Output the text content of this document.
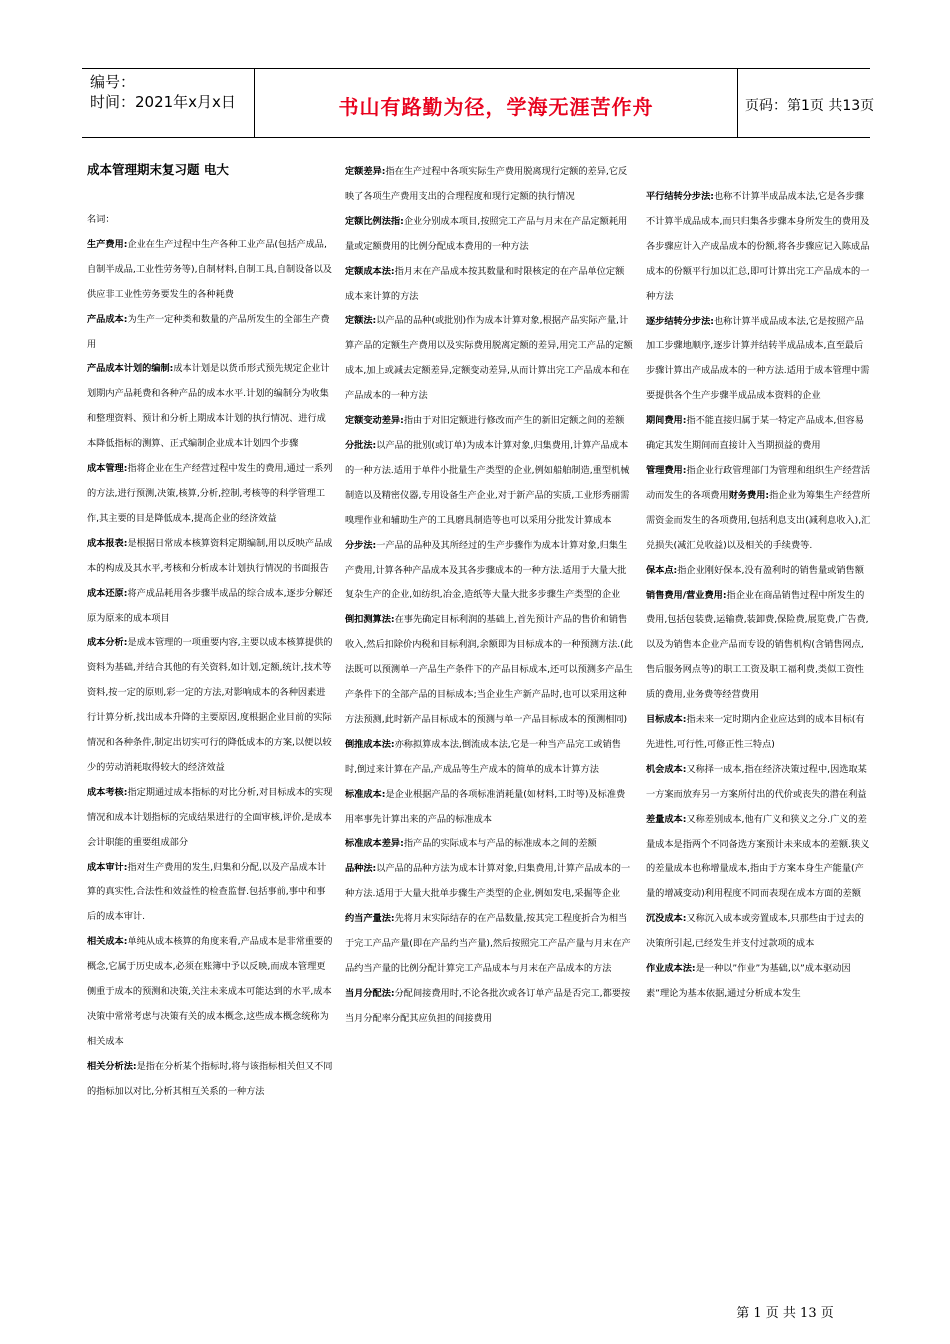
编号：
时间：2021年x月x日	书山有路勤为径，学海无涯苦作舟	页码：第1页 共13页
成本管理期末复习题 电大

名词：

生产费用:企业在生产过程中生产各种工业产品(包括产成品,自制半成品,工业性劳务等),自制材料,自制工具,自制设备以及供应非工业性劳务要发生的各种耗费

产品成本:为生产一定种类和数量的产品所发生的全部生产费用

产品成本计划的编制:成本计划是以货币形式预先规定企业计划期内产品耗费和各种产品的成本水平.计划的编制分为收集和整理资料、预计和分析上期成本计划的执行情况、进行成本降低指标的测算、正式编制企业成本计划四个步骤

成本管理:指将企业在生产经营过程中发生的费用,通过一系列的方法,进行预测,决策,核算,分析,控制,考核等的科学管理工作,其主要的目是降低成本,提高企业的经济效益

成本报表:是根据日常成本核算资料定期编制,用以反映产品成本的构成及其水平,考核和分析成本计划执行情况的书面报告

成本还原:将产成品耗用各步骤半成品的综合成本,逐步分解还原为原来的成本项目

成本分析:是成本管理的一项重要内容,主要以成本核算提供的资料为基础,并结合其他的有关资料,如计划,定额,统计,技术等资料,按一定的原则,彩一定的方法,对影响成本的各种因素进行计算分析,找出成本升降的主要原因,度根据企业目前的实际情况和各种条件,制定出切实可行的降低成本的方案,以便以较少的劳动消耗取得较大的经济效益

成本考核:指定期通过成本指标的对比分析,对目标成本的实现情况和成本计划指标的完成结果进行的全面审核,评价,是成本会计职能的重要组成部分

成本审计:指对生产费用的发生,归集和分配,以及产品成本计算的真实性,合法性和效益性的检查监督.包括事前,事中和事后的成本审计.

相关成本:单纯从成本核算的角度来看,产品成本是非常重要的概念,它属于历史成本,必须在账簿中予以反映,而成本管理更侧重于成本的预测和决策,关注未来成本可能达到的水平,成本决策中常常考虑与决策有关的成本概念,这些成本概念统称为相关成本

相关分析法:是指在分析某个指标时,将与该指标相关但又不同的指标加以对比,分析其相互关系的一种方法

定额差异:指在生产过程中各项实际生产费用脱离现行定额的差异,它反映了各项生产费用支出的合理程度和现行定额的执行情况

定额比例法指:企业分别成本项目,按照完工产品与月末在产品定额耗用量或定额费用的比例分配成本费用的一种方法

定额成本法:指月末在产品成本按其数量和时限核定的在产品单位定额成本来计算的方法

定额法:以产品的品种(或批别)作为成本计算对象,根据产品实际产量,计算产品的定额生产费用以及实际费用脱离定额的差异,用完工产品的定额成本,加上或减去定额差异,定额变动差异,从而计算出完工产品成本和在产品成本的一种方法

定额变动差异:指由于对旧定额进行修改而产生的新旧定额之间的差额

分批法:以产品的批别(或订单)为成本计算对象,归集费用,计算产品成本的一种方法.适用于单件小批量生产类型的企业,例如船舶制造,重型机械制造以及精密仪器,专用设备生产企业,对于新产品的实质,工业形秀丽需嗅理作业和辅助生产的工具磨具制造等也可以采用分批发计算成本

分步法:一产品的品种及其所经过的生产步骤作为成本计算对象,归集生产费用,计算各种产品成本及其各步骤成本的一种方法.适用于大量大批复杂生产的企业,如纺织,冶金,造纸等大量大批多步骤生产类型的企业

倒扣测算法:在事先确定目标利润的基础上,首先预计产品的售价和销售收入,然后扣除价内税和目标利润,余额即为目标成本的一种预测方法.(此法既可以预测单一产品生产条件下的产品目标成本,还可以预测多产品生产条件下的全部产品的目标成本;当企业生产新产品时,也可以采用这种方法预测,此时新产品目标成本的预测与单一产品目标成本的预测相同)

倒推成本法:亦称拟算成本法,倒流成本法,它是一种当产品完工或销售时,倒过来计算在产品,产成品等生产成本的简单的成本计算方法

标准成本:是企业根据产品的各项标准消耗量(如材料,工时等)及标准费用率事先计算出来的产品的标准成本

标准成本差异:指产品的实际成本与产品的标准成本之间的差额

品种法:以产品的品种方法为成本计算对象,归集费用,计算产品成本的一种方法.适用于大量大批单步骤生产类型的企业,例如发电,采掘等企业

约当产量法:先将月末实际结存的在产品数量,按其完工程度折合为相当于完工产品产量(即在产品约当产量),然后按照完工产品产量与月末在产品约当产量的比例分配计算完工产品成本与月末在产品成本的方法

当月分配法:分配间接费用时,不论各批次或各订单产品是否完工,都要按当月分配率分配其应负担的间接费用

平行结转分步法:也称不计算半成品成本法,它是各步骤不计算半成品成本,而只归集各步骤本身所发生的费用及各步骤应计入产成品成本的份额,将各步骤应记入陈成品成本的份额平行加以汇总,即可计算出完工产品成本的一种方法

逐步结转分步法:也称计算半成品成本法,它是按照产品加工步骤地顺序,逐步计算并结转半成品成本,直至最后步骤计算出产成品成本的一种方法.适用于成本管理中需要提供各个生产步骤半成品成本资料的企业

期间费用:指不能直接归属于某一特定产品成本,但容易确定其发生期间而直接计入当期损益的费用

管理费用:指企业行政管理部门为管理和组织生产经营活动而发生的各项费用财务费用:指企业为筹集生产经营所需资金而发生的各项费用,包括利息支出(减利息收入),汇兑损失(减汇兑收益)以及相关的手续费等.

保本点:指企业刚好保本,没有盈利时的销售量或销售额

销售费用/营业费用:指企业在商品销售过程中所发生的费用,包括包装费,运输费,装卸费,保险费,展览费,广告费,以及为销售本企业产品而专设的销售机构(含销售网点,售后服务网点等)的职工工资及职工福利费,类似工资性质的费用,业务费等经营费用

目标成本:指未来一定时期内企业应达到的成本目标(有先进性,可行性,可修正性三特点)

机会成本:又称择一成本,指在经济决策过程中,因选取某一方案而放弃另一方案所付出的代价或丧失的潜在利益

差量成本:又称差别成本,他有广义和狭义之分.广义的差量成本是指两个不同备选方案预计未来成本的差额.狭义的差量成本也称增量成本,指由于方案本身生产能量(产量的增减变动)利用程度不同而表现在成本方面的差额

沉没成本:又称沉入成本或旁置成本,只那些由于过去的决策所引起,已经发生并支付过款项的成本

作业成本法:是一种以”作业”为基础,以”成本驱动因素”理论为基本依据,通过分析成本发生

第 1 页 共 13 页
